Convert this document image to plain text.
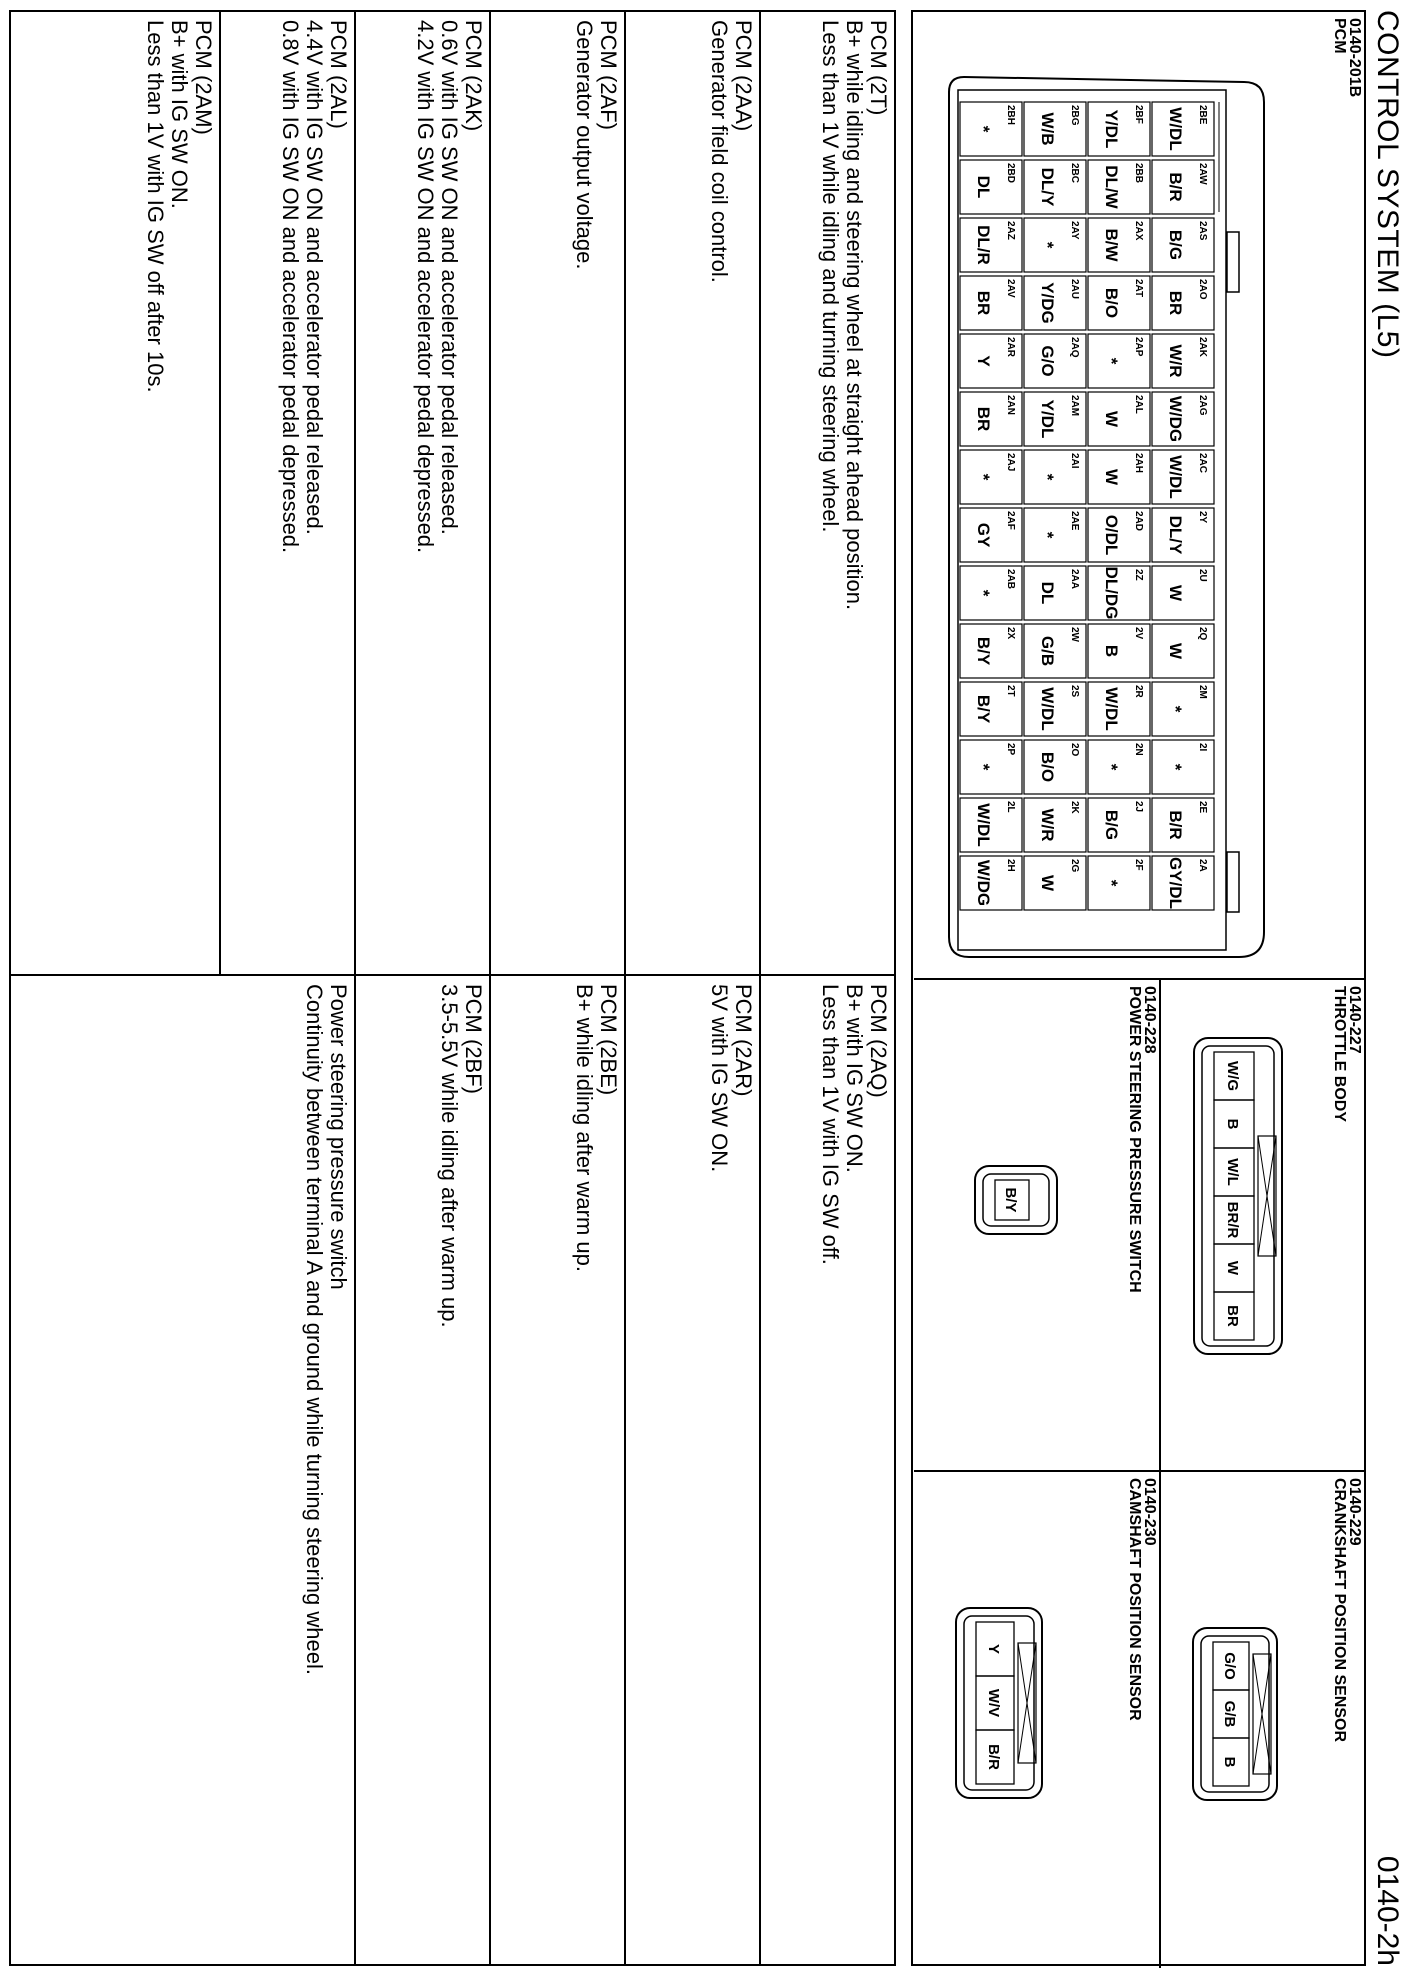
CONTROL SYSTEM (L5)
0140-2h
0140-201B
PCM
2BE
W/DL
2AW
B/R
2AS
B/G
2AO
BR
2AK
W/R
2AG
W/DG
2AC
W/DL
2Y
DL/Y
2U
W
2Q
W
2M
*
2I
*
2E
B/R
2A
GY/DL
2BF
Y/DL
2BB
DL/W
2AX
B/W
2AT
B/O
2AP
*
2AL
W
2AH
W
2AD
O/DL
2Z
DL/DG
2V
B
2R
W/DL
2N
*
2J
B/G
2F
*
2BG
W/B
2BC
DL/Y
2AY
*
2AU
Y/DG
2AQ
G/O
2AM
Y/DL
2AI
*
2AE
*
2AA
DL
2W
G/B
2S
W/DL
2O
B/O
2K
W/R
2G
W
2BH
*
2BD
DL
2AZ
DL/R
2AV
BR
2AR
Y
2AN
BR
2AJ
*
2AF
GY
2AB
*
2X
B/Y
2T
B/Y
2P
*
2L
W/DL
2H
W/DG
0140-227
THROTTLE BODY
W/G
B
W/L
BR/R
W
BR
0140-228
POWER STEERING PRESSURE SWITCH
B/Y
0140-229
CRANKSHAFT POSITION SENSOR
G/O
G/B
B
0140-230
CAMSHAFT POSITION SENSOR
Y
W/V
B/R
PCM (2T)
B+ while idling and steering wheel at straight ahead position.
Less than 1V while idling and turning steering wheel.
PCM (2AA)
Generator field coil control.
PCM (2AF)
Generator output voltage.
PCM (2AK)
0.6V with IG SW ON and accelerator pedal released.
4.2V with IG SW ON and accelerator pedal depressed.
PCM (2AL)
4.4V with IG SW ON and accelerator pedal released.
0.8V with IG SW ON and accelerator pedal depressed.
PCM (2AM)
B+ with IG SW ON.
Less than 1V with IG SW off after 10s.
PCM (2AQ)
B+ with IG SW ON.
Less than 1V with IG SW off.
PCM (2AR)
5V with IG SW ON.
PCM (2BE)
B+ while idling after warm up.
PCM (2BF)
3.5-5.5V while idling after warm up.
Power steering pressure switch
Continuity between terminal A and ground while turning steering wheel.
